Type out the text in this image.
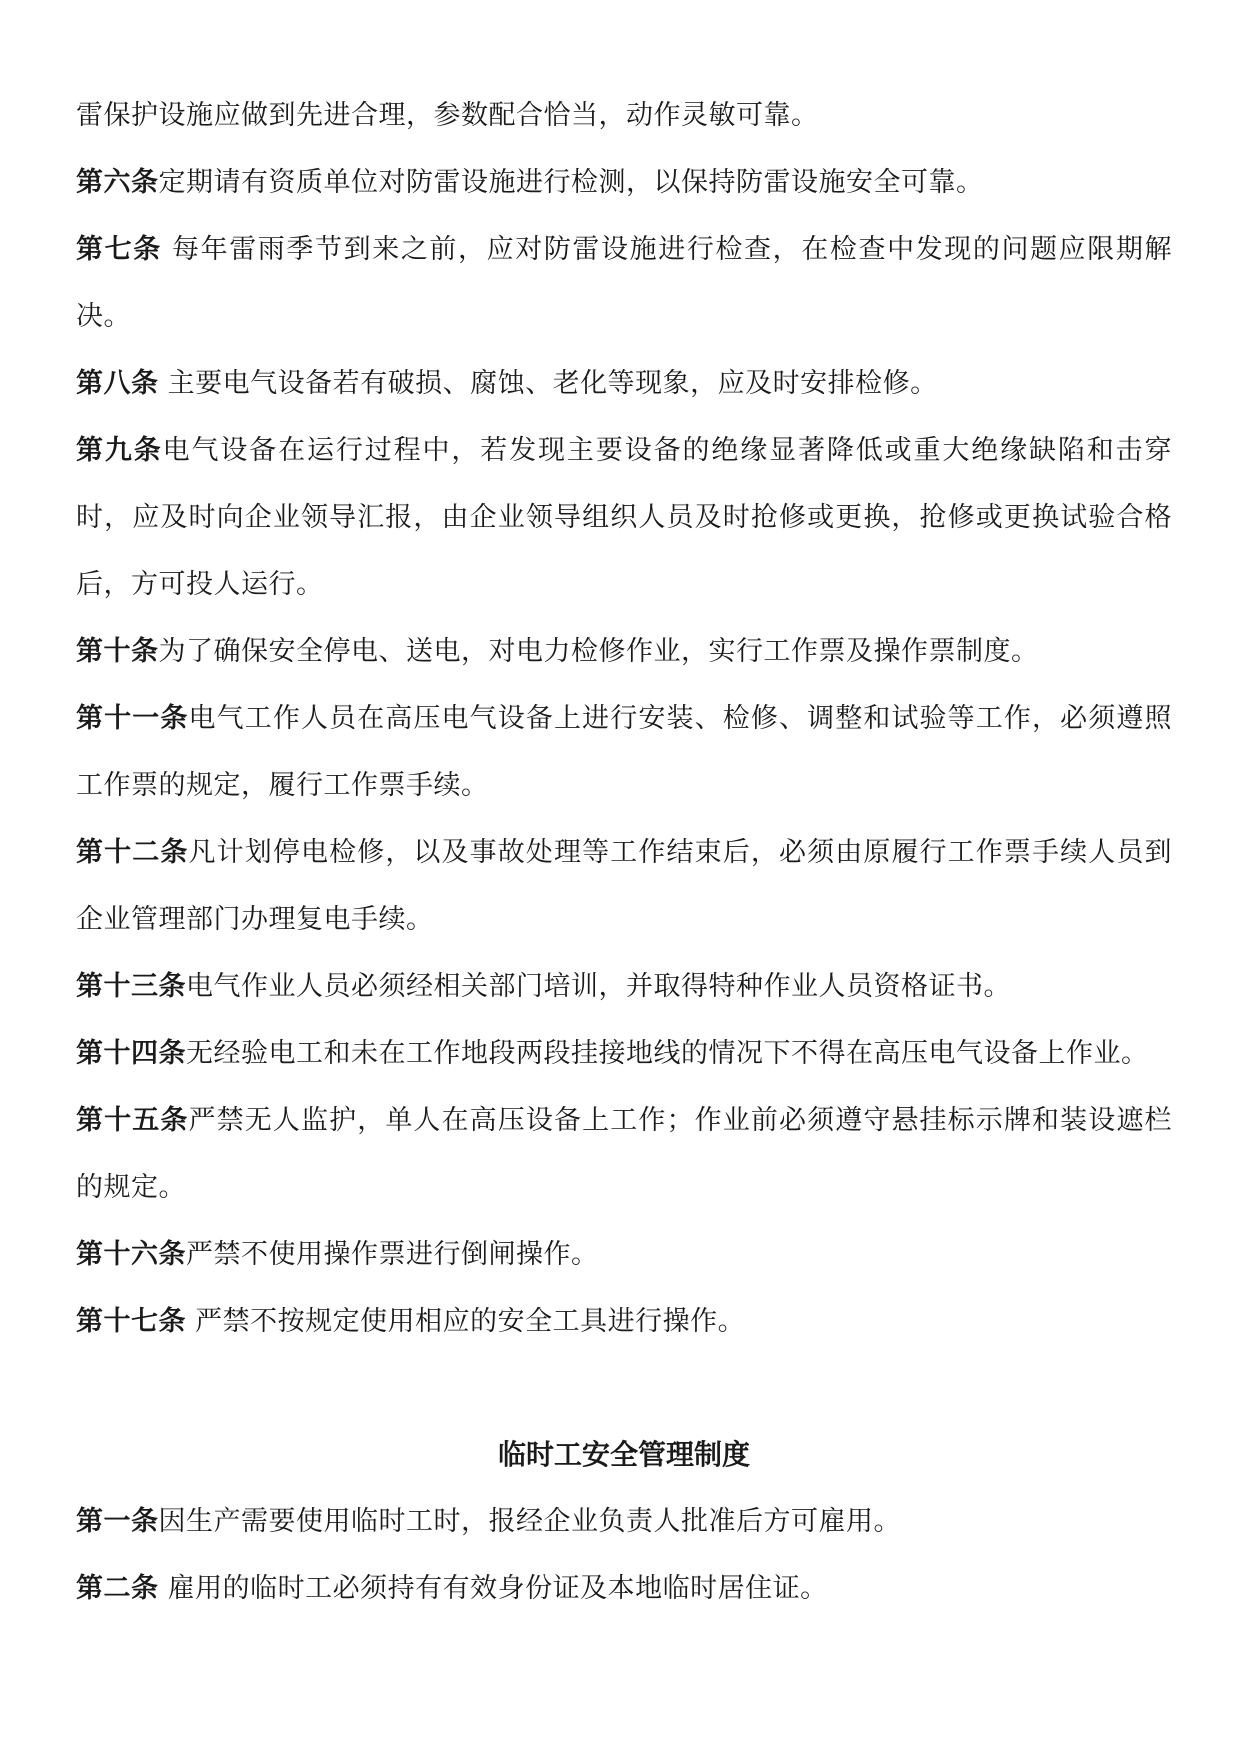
雷保护设施应做到先进合理，参数配合恰当，动作灵敏可靠。

第六条定期请有资质单位对防雷设施进行检测，以保持防雷设施安全可靠。

第七条 每年雷雨季节到来之前，应对防雷设施进行检查，在检查中发现的问题应限期解决。

第八条 主要电气设备若有破损、腐蚀、老化等现象，应及时安排检修。

第九条电气设备在运行过程中，若发现主要设备的绝缘显著降低或重大绝缘缺陷和击穿时，应及时向企业领导汇报，由企业领导组织人员及时抢修或更换，抢修或更换试验合格后，方可投人运行。

第十条为了确保安全停电、送电，对电力检修作业，实行工作票及操作票制度。

第十一条电气工作人员在高压电气设备上进行安装、检修、调整和试验等工作，必须遵照工作票的规定，履行工作票手续。

第十二条凡计划停电检修，以及事故处理等工作结束后，必须由原履行工作票手续人员到企业管理部门办理复电手续。

第十三条电气作业人员必须经相关部门培训，并取得特种作业人员资格证书。

第十四条无经验电工和未在工作地段两段挂接地线的情况下不得在高压电气设备上作业。

第十五条严禁无人监护，单人在高压设备上工作；作业前必须遵守悬挂标示牌和装设遮栏的规定。

第十六条严禁不使用操作票进行倒闸操作。

第十七条 严禁不按规定使用相应的安全工具进行操作。

临时工安全管理制度

第一条因生产需要使用临时工时，报经企业负责人批准后方可雇用。

第二条 雇用的临时工必须持有有效身份证及本地临时居住证。
